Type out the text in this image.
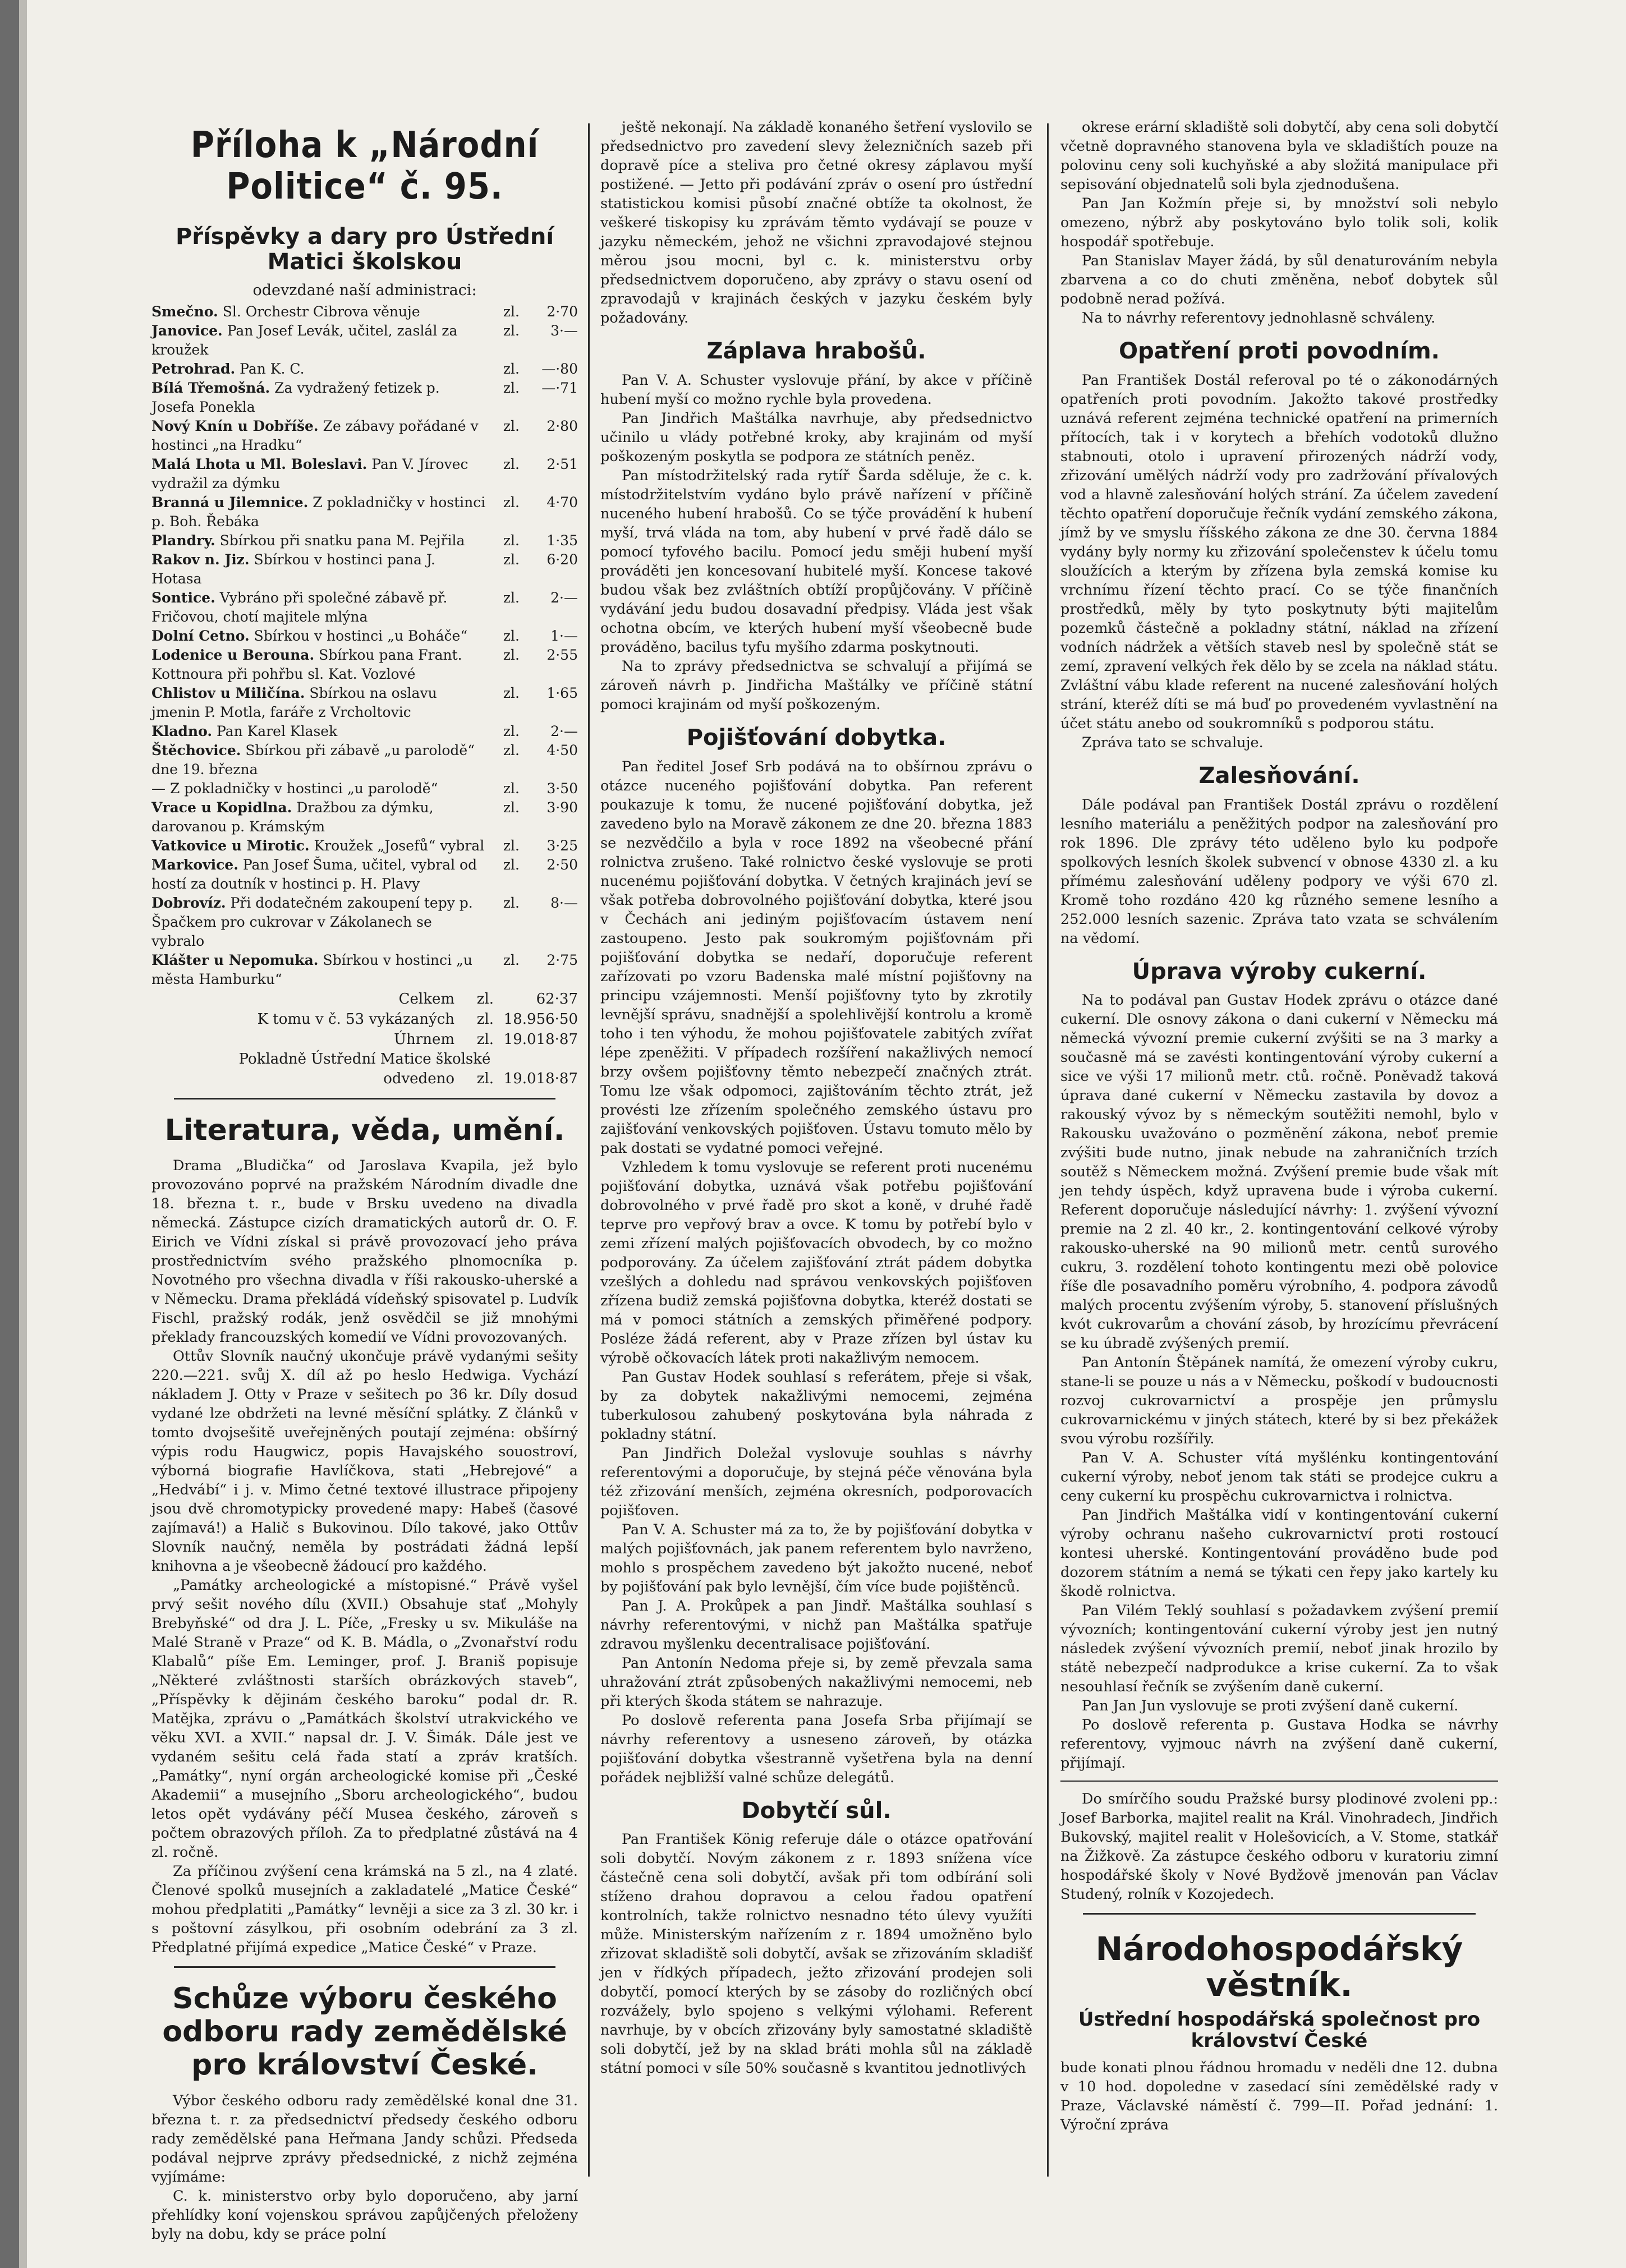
Příloha k „Národní Politice“ č. 95.
Příspěvky a dary pro Ústřední Matici školskou
odevzdané naší administraci:
Smečno. Sl. Orchestr Cibrova věnuje	zl.	2·70
Janovice. Pan Josef Levák, učitel, zaslál za kroužek
zl.	3·—
Petrohrad. Pan K. C.	zl.	—·80
Bílá Třemošná. Za vydražený fetizek p. Josefa Ponekla
zl.	—·71
Nový Knín u Dobříše. Ze zábavy pořádané v hostinci „na Hradku“
zl.	2·80
Malá Lhota u Ml. Boleslavi. Pan V. Jírovec vydražil za dýmku
zl.	2·51
Branná u Jilemnice. Z pokladničky v hostinci p. Boh. Řebáka
zl.	4·70
Plandry. Sbírkou při snatku pana M. Pejřila	zl.	1·35
Rakov n. Jiz. Sbírkou v hostinci pana J. Hotasa
zl.	6·20
Sontice. Vybráno při společné zábavě př. Fričovou, chotí majitele mlýna
zl.	2·—
Dolní Cetno. Sbírkou v hostinci „u Boháče“	zl.	1·—
Lodenice u Berouna. Sbírkou pana Frant. Kottnoura při pohřbu sl. Kat. Vozlové
zl.	2·55
Chlistov u Miličína. Sbírkou na oslavu jmenin P. Motla, faráře z Vrcholtovic
zl.	1·65
Kladno. Pan Karel Klasek	zl.	2·—
Štěchovice. Sbírkou při zábavě „u parolodě“ dne 19. března
zl.	4·50
— Z pokladničky v hostinci „u parolodě“	zl.	3·50
Vrace u Kopidlna. Dražbou za dýmku, darovanou p. Krámským
zl.	3·90
Vatkovice u Mirotic. Kroužek „Josefů“ vybral	zl.	3·25
Markovice. Pan Josef Šuma, učitel, vybral od hostí za doutník v hostinci p. H. Plavy
zl.	2·50
Dobrovíz. Při dodatečném zakoupení tepy p. Špačkem pro cukrovar v Zákolanech se vybralo
zl.	8·—
Klášter u Nepomuka. Sbírkou v hostinci „u města Hamburku“
zl.	2·75
Celkem	zl.	62·37
K tomu v č. 53 vykázaných	zl. 18.956·50
Úhrnem	zl. 19.018·87
Pokladně Ústřední Matice školské
odvedeno	zl. 19.018·87
Literatura, věda, umění.

Drama „Bludička“ od Jaroslava Kvapila, jež bylo provozováno poprvé na pražském Národním divadle dne 18. března t. r., bude v Brsku uvedeno na divadla německá. Zástupce cizích dramatických autorů dr. O. F. Eirich ve Vídni získal si právě provozovací jeho práva prostřednictvím svého pražského plnomocníka p. Novotného pro všechna divadla v říši rakousko-uherské a v Německu. Drama překládá vídeňský spisovatel p. Ludvík Fischl, pražský rodák, jenž osvědčil se již mnohými překlady francouzských komedií ve Vídni provozovaných.

Ottův Slovník naučný ukončuje právě vydanými sešity 220.—221. svůj X. díl až po heslo Hedwiga. Vychází nákladem J. Otty v Praze v sešitech po 36 kr. Díly dosud vydané lze obdržeti na levné měsíční splátky. Z článků v tomto dvojsešitě uveřejněných poutají zejména: obšírný výpis rodu Haugwicz, popis Havajského souostroví, výborná biografie Havlíčkova, stati „Hebrejové“ a „Hedvábí“ i j. v. Mimo četné textové illustrace připojeny jsou dvě chromotypicky provedené mapy: Habeš (časové zajímavá!) a Halič s Bukovinou. Dílo takové, jako Ottův Slovník naučný, neměla by postrádati žádná lepší knihovna a je všeobecně žádoucí pro každého.

„Památky archeologické a místopisné.“ Právě vyšel prvý sešit nového dílu (XVII.) Obsahuje stať „Mohyly Brebyňské“ od dra J. L. Píče, „Fresky u sv. Mikuláše na Malé Straně v Praze“ od K. B. Mádla, o „Zvonařství rodu Klabalů“ píše Em. Leminger, prof. J. Braniš popisuje „Některé zvláštnosti starších obrázkových staveb“, „Příspěvky k dějinám českého baroku“ podal dr. R. Matějka, zprávu o „Památkách školství utrakvického ve věku XVI. a XVII.“ napsal dr. J. V. Šimák. Dále jest ve vydaném sešitu celá řada statí a zpráv kratších. „Památky“, nyní orgán archeologické komise při „České Akademii“ a musejního „Sboru archeologického“, budou letos opět vydávány péčí Musea českého, zároveň s počtem obrazových příloh. Za to předplatné zůstává na 4 zl. ročně.

Za příčinou zvýšení cena krámská na 5 zl., na 4 zlaté. Členové spolků musejních a zakladatelé „Matice České“ mohou předplatiti „Památky“ levněji a sice za 3 zl. 30 kr. i s poštovní zásylkou, při osobním odebrání za 3 zl. Předplatné přijímá expedice „Matice České“ v Praze.

Schůze výboru českého odboru rady zemědělské pro království České.

Výbor českého odboru rady zemědělské konal dne 31. března t. r. za předsednictví předsedy českého odboru rady zemědělské pana Heřmana Jandy schůzi. Předseda podával nejprve zprávy předsednické, z nichž zejména vyjímáme:

C. k. ministerstvo orby bylo doporučeno, aby jarní přehlídky koní vojenskou správou zapůjčených přeloženy byly na dobu, kdy se práce polní

ještě nekonají. Na základě konaného šetření vyslovilo se předsednictvo pro zavedení slevy železničních sazeb při dopravě píce a steliva pro četné okresy záplavou myší postižené. — Jetto při podávání zpráv o osení pro ústřední statistickou komisi působí značné obtíže ta okolnost, že veškeré tiskopisy ku zprávám těmto vydávají se pouze v jazyku německém, jehož ne všichni zpravodajové stejnou měrou jsou mocni, byl c. k. ministerstvu orby předsednictvem doporučeno, aby zprávy o stavu osení od zpravodajů v krajinách českých v jazyku českém byly požadovány.

Záplava hrabošů.

Pan V. A. Schuster vyslovuje přání, by akce v příčině hubení myší co možno rychle byla provedena.

Pan Jindřich Maštálka navrhuje, aby předsednictvo učinilo u vlády potřebné kroky, aby krajinám od myší poškozeným poskytla se podpora ze státních peněz.

Pan místodržitelský rada rytíř Šarda sděluje, že c. k. místodržitelstvím vydáno bylo právě nařízení v příčině nuceného hubení hrabošů. Co se týče provádění k hubení myší, trvá vláda na tom, aby hubení v prvé řadě dálo se pomocí tyfového bacilu. Pomocí jedu směji hubení myší prováděti jen koncesovaní hubitelé myší. Koncese takové budou však bez zvláštních obtíží propůjčovány. V příčině vydávání jedu budou dosavadní předpisy. Vláda jest však ochotna obcím, ve kterých hubení myší všeobecně bude prováděno, bacilus tyfu myšího zdarma poskytnouti.

Na to zprávy předsednictva se schvalují a přijímá se zároveň návrh p. Jindřicha Maštálky ve příčině státní pomoci krajinám od myší poškozeným.

Pojišťování dobytka.

Pan ředitel Josef Srb podává na to obšírnou zprávu o otázce nuceného pojišťování dobytka. Pan referent poukazuje k tomu, že nucené pojišťování dobytka, jež zavedeno bylo na Moravě zákonem ze dne 20. března 1883 se nezvědčilo a byla v roce 1892 na všeobecné přání rolnictva zrušeno. Také rolnictvo české vyslovuje se proti nucenému pojišťování dobytka. V četných krajinách jeví se však potřeba dobrovolného pojišťování dobytka, které jsou v Čechách ani jediným pojišťovacím ústavem není zastoupeno. Jesto pak soukromým pojišťovnám při pojišťování dobytka se nedaří, doporučuje referent zařízovati po vzoru Badenska malé místní pojišťovny na principu vzájemnosti. Menší pojišťovny tyto by zkrotily levnější správu, snadnější a spolehlivější kontrolu a kromě toho i ten výhodu, že mohou pojišťovatele zabitých zvířat lépe zpeněžiti. V případech rozšíření nakažlivých nemocí brzy ovšem pojišťovny těmto nebezpečí značných ztrát. Tomu lze však odpomoci, zajištováním těchto ztrát, jež provésti lze zřízením společného zemského ústavu pro zajišťování venkovských pojišťoven. Ústavu tomuto mělo by pak dostati se vydatné pomoci veřejné.

Vzhledem k tomu vyslovuje se referent proti nucenému pojišťování dobytka, uznává však potřebu pojišťování dobrovolného v prvé řadě pro skot a koně, v druhé řadě teprve pro vepřový brav a ovce. K tomu by potřebí bylo v zemi zřízení malých pojišťovacích obvodech, by co možno podporovány. Za účelem zajišťování ztrát pádem dobytka vzešlých a dohledu nad správou venkovských pojišťoven zřízena budiž zemská pojišťovna dobytka, kteréž dostati se má v pomoci státních a zemských přiměřené podpory. Posléze žádá referent, aby v Praze zřízen byl ústav ku výrobě očkovacích látek proti nakažlivým nemocem.

Pan Gustav Hodek souhlasí s referátem, přeje si však, by za dobytek nakažlivými nemocemi, zejména tuberkulosou zahubený poskytována byla náhrada z pokladny státní.

Pan Jindřich Doležal vyslovuje souhlas s návrhy referentovými a doporučuje, by stejná péče věnována byla též zřizování menších, zejména okresních, podporovacích pojišťoven.

Pan V. A. Schuster má za to, že by pojišťování dobytka v malých pojišťovnách, jak panem referentem bylo navrženo, mohlo s prospěchem zavedeno být jakožto nucené, neboť by pojišťování pak bylo levnější, čím více bude pojištěnců.

Pan J. A. Prokůpek a pan Jindř. Maštálka souhlasí s návrhy referentovými, v nichž pan Maštálka spatřuje zdravou myšlenku decentralisace pojišťování.

Pan Antonín Nedoma přeje si, by země převzala sama uhražování ztrát způsobených nakažlivými nemocemi, neb při kterých škoda státem se nahrazuje.

Po doslově referenta pana Josefa Srba přijímají se návrhy referentovy a usneseno zároveň, by otázka pojišťování dobytka všestranně vyšetřena byla na denní pořádek nejbližší valné schůze delegátů.

Dobytčí sůl.

Pan František König referuje dále o otázce opatřování soli dobytčí. Novým zákonem z r. 1893 snížena více částečně cena soli dobytčí, avšak při tom odbírání soli stíženo drahou dopravou a celou řadou opatření kontrolních, takže rolnictvo nesnadno této úlevy využíti může. Ministerským nařízením z r. 1894 umožněno bylo zřizovat skladiště soli dobytčí, avšak se zřizováním skladišť jen v řídkých případech, ježto zřizování prodejen soli dobytčí, pomocí kterých by se zásoby do rozličných obcí rozvážely, bylo spojeno s velkými výlohami. Referent navrhuje, by v obcích zřizovány byly samostatné skladiště soli dobytčí, jež by na sklad bráti mohla sůl na základě státní pomoci v síle 50% současně s kvantitou jednotlivých

okrese erární skladiště soli dobytčí, aby cena soli dobytčí včetně dopravného stanovena byla ve skladištích pouze na polovinu ceny soli kuchyňské a aby složitá manipulace při sepisování objednatelů soli byla zjednodušena.

Pan Jan Kožmín přeje si, by množství soli nebylo omezeno, nýbrž aby poskytováno bylo tolik soli, kolik hospodář spotřebuje.

Pan Stanislav Mayer žádá, by sůl denaturováním nebyla zbarvena a co do chuti změněna, neboť dobytek sůl podobně nerad požívá.

Na to návrhy referentovy jednohlasně schváleny.

Opatření proti povodním.

Pan František Dostál referoval po té o zákonodárných opatřeních proti povodním. Jakožto takové prostředky uznává referent zejména technické opatření na primerních přítocích, tak i v korytech a břehích vodotoků dlužno stabnouti, otolo i upravení přirozených nádrží vody, zřizování umělých nádrží vody pro zadržování přívalových vod a hlavně zalesňování holých strání. Za účelem zavedení těchto opatření doporučuje řečník vydání zemského zákona, jímž by ve smyslu říšského zákona ze dne 30. června 1884 vydány byly normy ku zřizování společenstev k účelu tomu sloužících a kterým by zřízena byla zemská komise ku vrchnímu řízení těchto prací. Co se týče finančních prostředků, měly by tyto poskytnuty býti majitelům pozemků částečně a pokladny státní, náklad na zřízení vodních nádržek a větších staveb nesl by společně stát se zemí, zpravení velkých řek dělo by se zcela na náklad státu. Zvláštní vábu klade referent na nucené zalesňování holých strání, kteréž díti se má buď po provedeném vyvlastnění na účet státu anebo od soukromníků s podporou státu.

Zpráva tato se schvaluje.

Zalesňování.

Dále podával pan František Dostál zprávu o rozdělení lesního materiálu a peněžitých podpor na zalesňování pro rok 1896. Dle zprávy této uděleno bylo ku podpoře spolkových lesních školek subvencí v obnose 4330 zl. a ku přímému zalesňování uděleny podpory ve výši 670 zl. Kromě toho rozdáno 420 kg různého semene lesního a 252.000 lesních sazenic. Zpráva tato vzata se schválením na vědomí.

Úprava výroby cukerní.

Na to podával pan Gustav Hodek zprávu o otázce dané cukerní. Dle osnovy zákona o dani cukerní v Německu má německá vývozní premie cukerní zvýšiti se na 3 marky a současně má se zavésti kontingentování výroby cukerní a sice ve výši 17 milionů metr. ctů. ročně. Poněvadž taková úprava dané cukerní v Německu zastavila by dovoz a rakouský vývoz by s německým soutěžiti nemohl, bylo v Rakousku uvažováno o pozměnění zákona, neboť premie zvýšiti bude nutno, jinak nebude na zahraničních trzích soutěž s Německem možná. Zvýšení premie bude však mít jen tehdy úspěch, když upravena bude i výroba cukerní. Referent doporučuje následující návrhy: 1. zvýšení vývozní premie na 2 zl. 40 kr., 2. kontingentování celkové výroby rakousko-uherské na 90 milionů metr. centů surového cukru, 3. rozdělení tohoto kontingentu mezi obě polovice říše dle posavadního poměru výrobního, 4. podpora závodů malých procentu zvýšením výroby, 5. stanovení příslušných kvót cukrovarům a chování zásob, by hrozícímu převrácení se ku úbradě zvýšených premií.

Pan Antonín Štěpánek namítá, že omezení výroby cukru, stane-li se pouze u nás a v Německu, poškodí v budoucnosti rozvoj cukrovarnictví a prospěje jen průmyslu cukrovarnickému v jiných státech, které by si bez překážek svou výrobu rozšířily.

Pan V. A. Schuster vítá myšlénku kontingentování cukerní výroby, neboť jenom tak státi se prodejce cukru a ceny cukerní ku prospěchu cukrovarnictva i rolnictva.

Pan Jindřich Maštálka vidí v kontingentování cukerní výroby ochranu našeho cukrovarnictví proti rostoucí kontesi uherské. Kontingentování prováděno bude pod dozorem státním a nemá se týkati cen řepy jako kartely ku škodě rolnictva.

Pan Vilém Teklý souhlasí s požadavkem zvýšení premií vývozních; kontingentování cukerní výroby jest jen nutný následek zvýšení vývozních premií, neboť jinak hrozilo by státě nebezpečí nadprodukce a krise cukerní. Za to však nesouhlasí řečník se zvýšením daně cukerní.

Pan Jan Jun vyslovuje se proti zvýšení daně cukerní.

Po doslově referenta p. Gustava Hodka se návrhy referentovy, vyjmouc návrh na zvýšení daně cukerní, přijímají.

Do smírčího soudu Pražské bursy plodinové zvoleni pp.: Josef Barborka, majitel realit na Král. Vinohradech, Jindřich Bukovský, majitel realit v Holešovicích, a V. Stome, statkář na Žižkově. Za zástupce českého odboru v kuratoriu zimní hospodářské školy v Nové Bydžově jmenován pan Václav Studený, rolník v Kozojedech.

Národohospodářský věstník.
Ústřední hospodářská společnost pro království České

bude konati plnou řádnou hromadu v neděli dne 12. dubna v 10 hod. dopoledne v zasedací síni zemědělské rady v Praze, Václavské náměstí č. 799—II. Pořad jednání: 1. Výroční zpráva
